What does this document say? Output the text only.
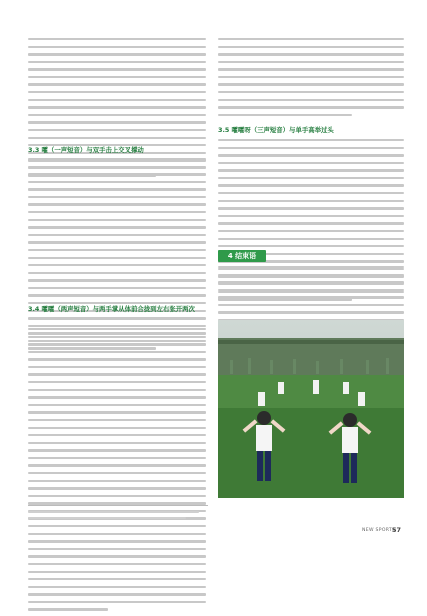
3.3 嚯（一声短音）与双手击上交叉撑动
3.4 嚯嚯（两声短音）与两手掌从体前合拢到左右张开两次
3.5 嚯嚯呀（三声短音）与单手高举过头
4 结束语
NEW SPORTS
57
